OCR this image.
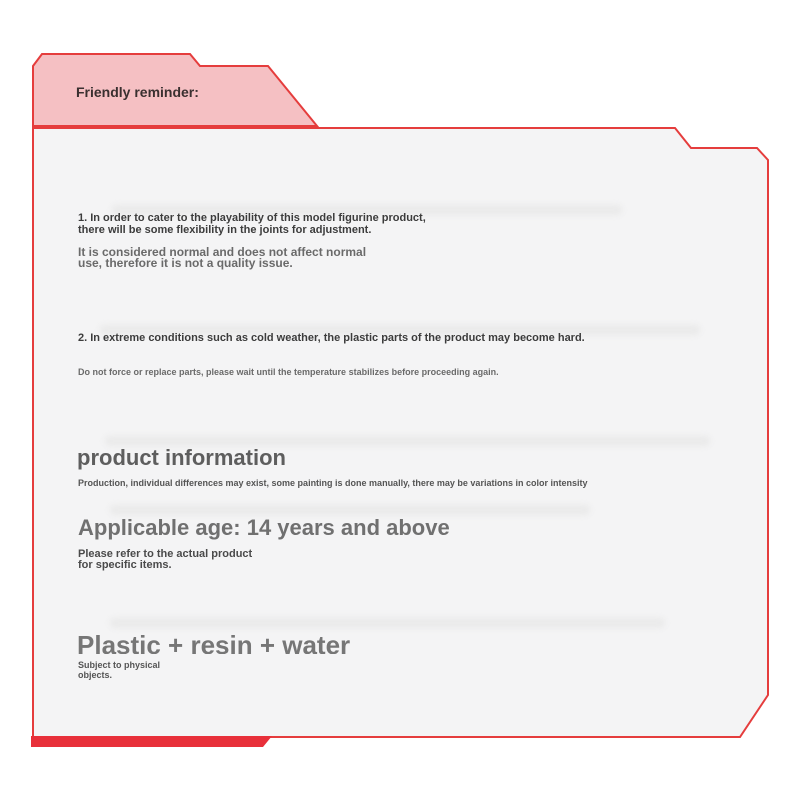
Friendly reminder:

1. In order to cater to the playability of this model figurine product,
there will be some flexibility in the joints for adjustment.

It is considered normal and does not affect normal
use, therefore it is not a quality issue.

2. In extreme conditions such as cold weather, the plastic parts of the product may become hard.

Do not force or replace parts, please wait until the temperature stabilizes before proceeding again.

product information

Production, individual differences may exist, some painting is done manually, there may be variations in color intensity

Applicable age: 14 years and above

Please refer to the actual product
for specific items.

Plastic + resin + water

Subject to physical
objects.
